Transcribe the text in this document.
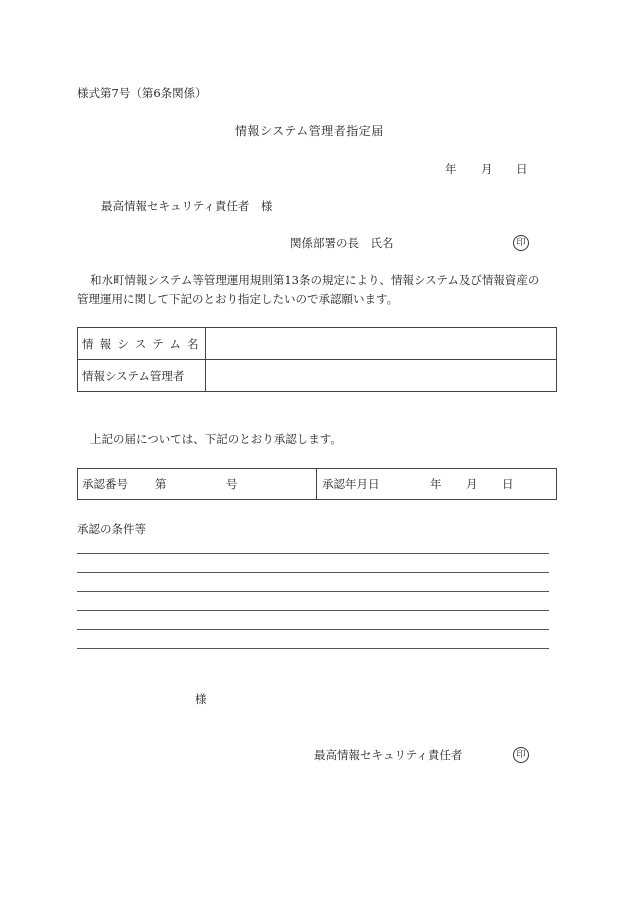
様式第7号（第6条関係）
情報システム管理者指定届
年 月 日
最高情報セキュリティ責任者　様
関係部署の長　氏名	印
和水町情報システム等管理運用規則第13条の規定により、情報システム及び情報資産の
管理運用に関して下記のとおり指定したいので承認願います。
情報システム名
情報システム管理者
上記の届については、下記のとおり承認します。
承認番号 第	号	承認年月日	年 月 日
承認の条件等
様
最高情報セキュリティ責任者	印
